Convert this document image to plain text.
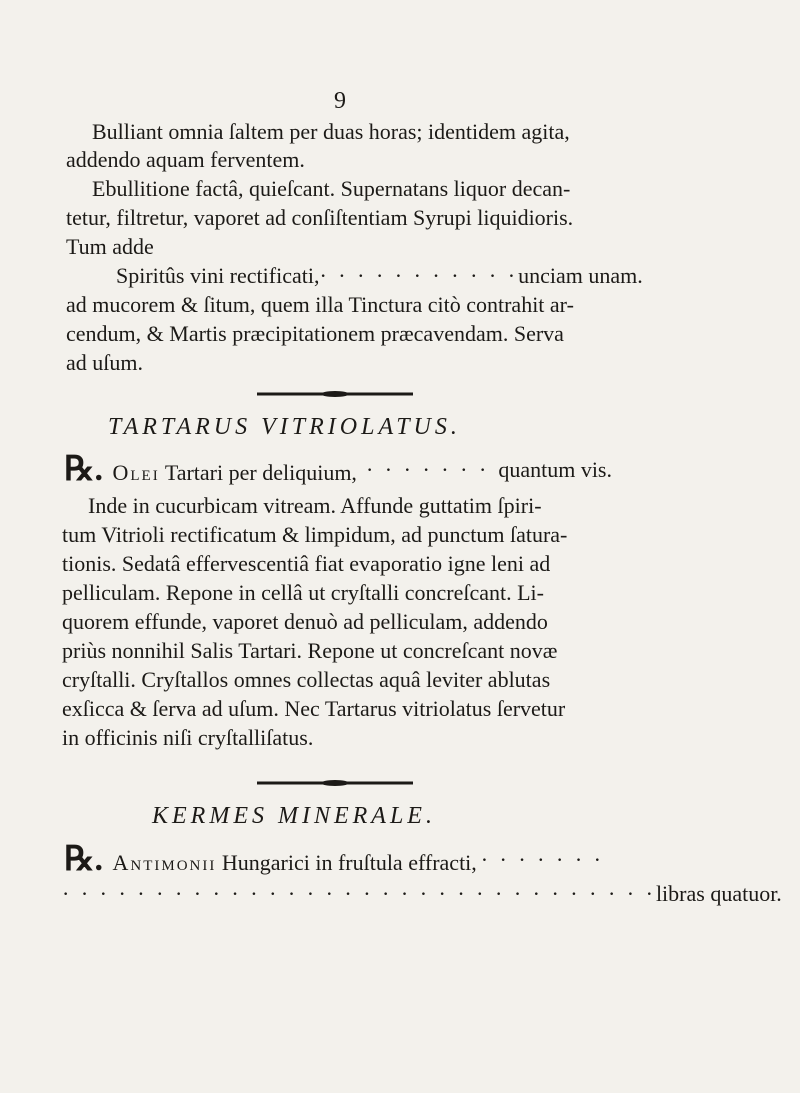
9
Bulliant omnia ſaltem per duas horas; identidem agita,
addendo aquam ferventem.
Ebullitione factâ, quieſcant. Supernatans liquor decan-
tetur, filtretur, vaporet ad conſiſtentiam Syrupi liquidioris.
Tum adde
Spiritûs vini rectificati, · · · · · · · · · · · unciam unam.
ad mucorem & ſitum, quem illa Tinctura citò contrahit ar-
cendum, & Martis præcipitationem præcavendam. Serva
ad uſum.
TARTARUS VITRIOLATUS.
℞. Olei Tartari per deliquium, · · · · · · · quantum vis.
Inde in cucurbicam vitream. Affunde guttatim ſpiri-
tum Vitrioli rectificatum & limpidum, ad punctum ſatura-
tionis. Sedatâ effervescentiâ fiat evaporatio igne leni ad
pelliculam. Repone in cellâ ut cryſtalli concreſcant. Li-
quorem effunde, vaporet denuò ad pelliculam, addendo
priùs nonnihil Salis Tartari. Repone ut concreſcant novæ
cryſtalli. Cryſtallos omnes collectas aquâ leviter ablutas
exſicca & ſerva ad uſum. Nec Tartarus vitriolatus ſervetur
in officinis niſi cryſtalliſatus.
KERMES MINERALE.
℞. Antimonii Hungarici in fruſtula effracti, · · · · · · ·
· · · · · · · · · · · · · · · · · · · · · · · · · · · · · · · · libras quatuor.
